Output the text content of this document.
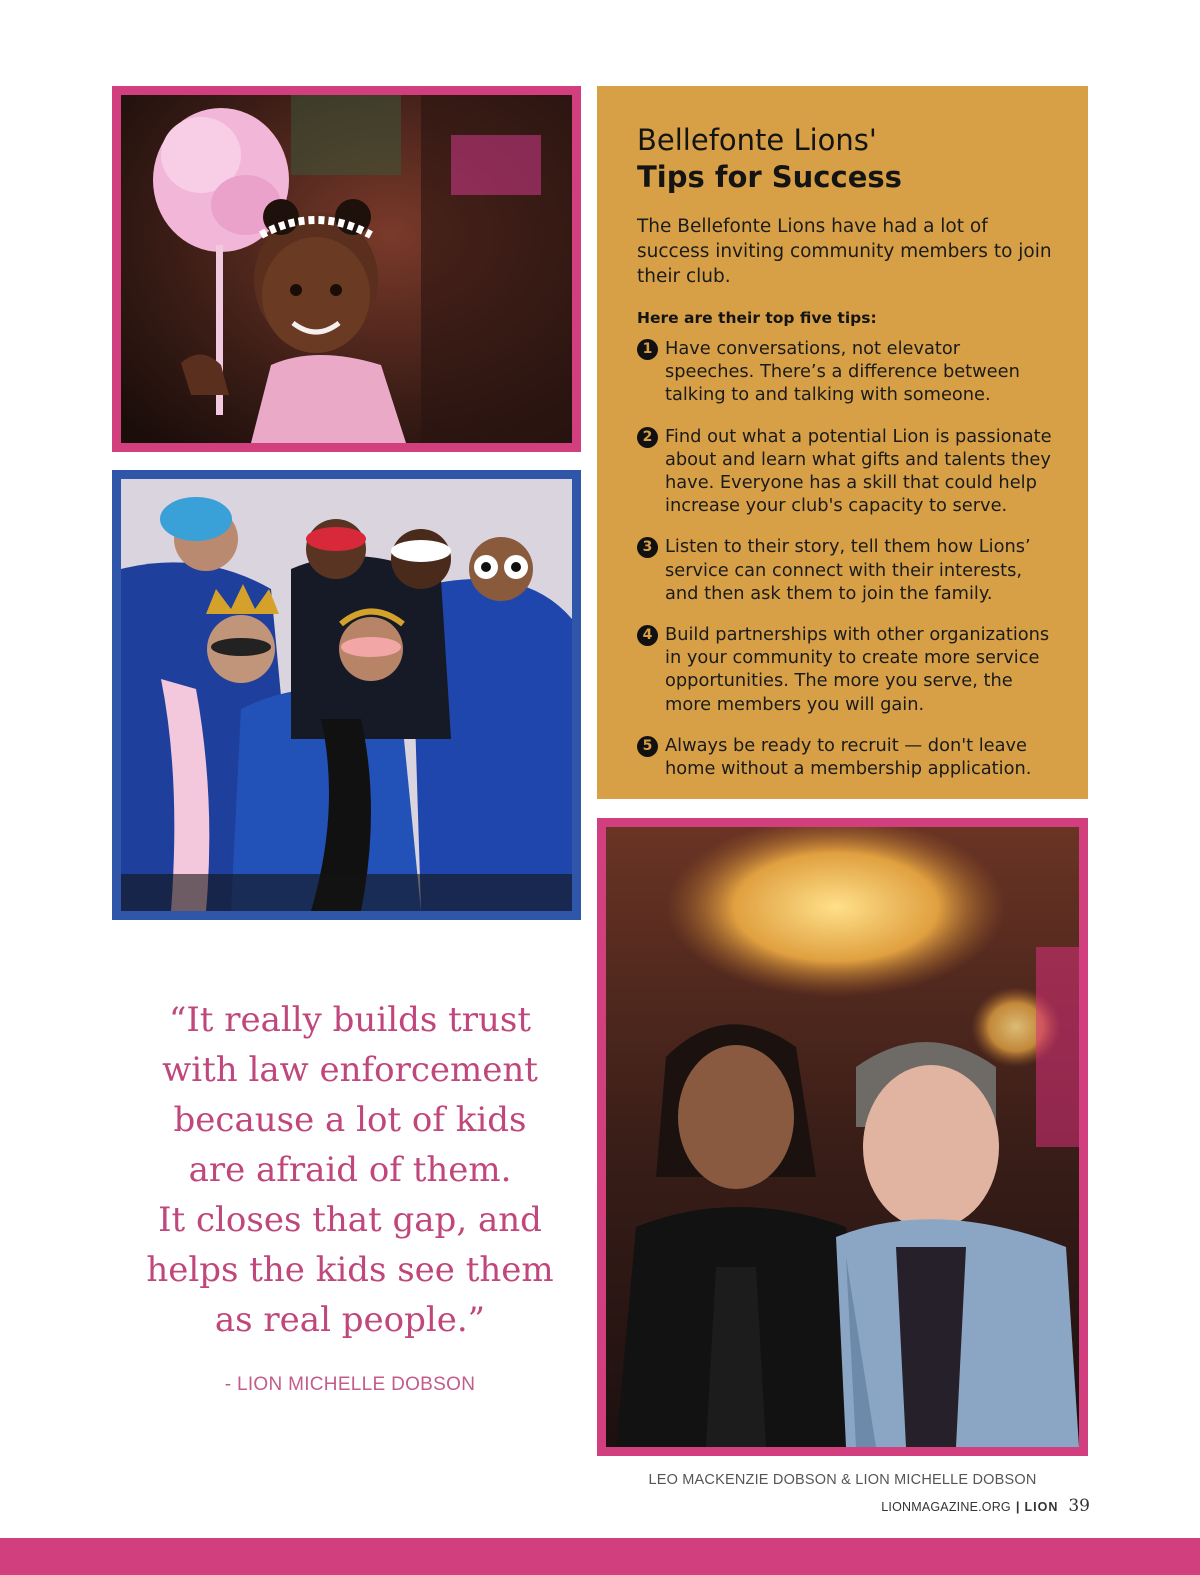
Bellefonte Lions'
Tips for Success

The Bellefonte Lions have had a lot of success inviting community members to join their club.

Here are their top five tips:

1 Have conversations, not elevator speeches. There’s a difference between talking to and talking with someone.
2 Find out what a potential Lion is passionate about and learn what gifts and talents they have. Everyone has a skill that could help increase your club's capacity to serve.
3 Listen to their story, tell them how Lions’ service can connect with their interests, and then ask them to join the family.
4 Build partnerships with other organizations in your community to create more service opportunities. The more you serve, the more members you will gain.
5 Always be ready to recruit — don't leave home without a membership application.
“It really builds trust
with law enforcement
because a lot of kids
are afraid of them.
It closes that gap, and
helps the kids see them
as real people.”
- LION MICHELLE DOBSON
LEO MACKENZIE DOBSON & LION MICHELLE DOBSON
LIONMAGAZINE.ORG | LION 39
